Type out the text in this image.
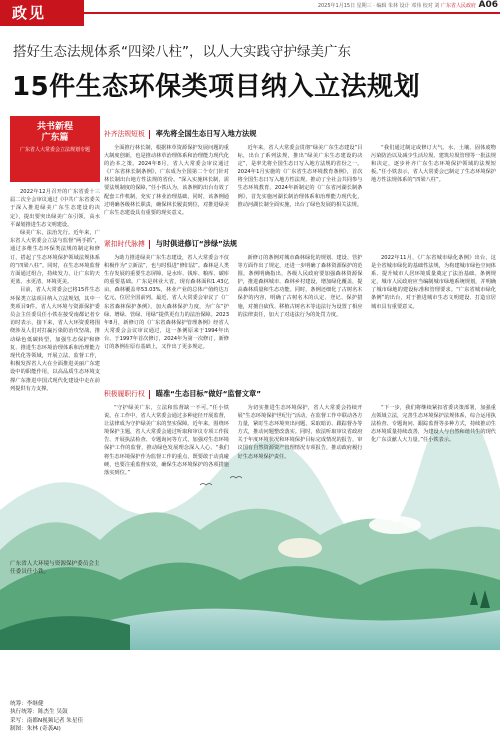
政见	2025年1月15日 星期三 · 编辑 朱林 设计 邓伟 校对 刘 广东省人民政府 A06
搭好生态法规体系“四梁八柱”，以人大实践守护绿美广东
15件生态环保类项目纳入立法规划
共书新程
广东篇
广东省人大常委会立法规划专题

2022年12月召开的广东省委十三届二次全会审议通过《中共广东省委关于深入推进绿美广东生态建设的决定》，提出要突出绿美广东引领，高水平谋划推进生态文明建设。

绿美广东，法治先行。近年来，广东省人大常委会立法与监督“两手抓”，通过多维生态环保类法规的制定和修订，搭起了生态环境保护领域法规体系的“四梁八柱”。同时，在生态环境监督方面通过组合，持续发力，让广东的天更蓝、水更清、环境更美。

目前，省人大常委会已将15件生态环保类立法项目纳入立法规划，其中一类项目9件。省人大环境与资源保护委员会主任委员任小铁在接受南都记者专访时表示，接下来，省人大环资委将围绕涉及人们对打赢污染防治攻坚战，推动绿色低碳转型，加强生态保护和修复、推进生态环境治理体系和治理能力现代化等领域，开展立法、监督工作，积极发挥省人大在全面推进美丽广东建设中的职能作用，以高品质生态环境支撑广东推进中国式现代化建设中走在前列提供有力支撑。

补齐法规短板	率先将全国生态日写入地方法规

全面推行林长制，根据林草资源保护发展问题的重大制度创新，也是推动林草治理体系和治理能力现代化的治本之策。2024年8月，省人大常委会审议通过《广东省林长制条例》，广东成为全国第二个专门针对林长制出台地方性法规的省份。“深入实施林长制，需要法规制度的保障，”任小铁认为，该条例的出台有效了配套工作机制，充实了林业治理基础，同时，该条例通过明确各级林长职责，确保林长履责到位，对推进绿美广东生态建设具有重要的现实意义。

近年来，省人大常委会贯彻“绿美广东生态建设”目标，出台了系列法规，推出“绿美广东生态建设的决定”，是率先将全国生态日写入地方法规的省份之一。2024年1月实施的《广东省生态环境教育条例》，首次将全国生态日写入地方性法规，推动了全社会共同参与生态环境教育。2024年新制定的《广东省河湖长制条例》，首先实施河湖长制治理体系和治理能力现代化，推动河湖长制全面实施，出台了绿色发展的相关法规。

“我们通过制定或修订大气、水、土壤、固体废物污染防治以及减少生活垃圾、建筑垃圾管理等一批法规和决定，逐步补齐广东生态环境保护领域的法规短板。”任小铁表示，省人大常委会已制定了生态环境保护地方性法规体系的“四梁八柱”。

紧扣时代脉搏	与时俱进修订“涉绿”法规

为助力推进绿美广东生态建设，省人大常委会不仅积极作为“立新法”，也与时俱进“修旧法”。森林是人类生存发展的重要生态屏障，是水库、钱库、粮库、碳库的重要基础。广东是林业大省，现有森林面积1.43亿亩，森林覆盖率53.03%，林业产业的总体产值约达万亿元，位居全国前列。最近，省人大常委会审议了《广东省森林保护条例》，加大森林保护力度，为广东“护绿、增绿、管绿、用绿”提供更有力的法治保障。2023年8月，新修订的《广东省森林保护管理条例》经省人大常委会会议审议通过，这一条例原来于1994年出台，于1997年首次修订，2024年为第一次修订，新修订的条例在原有基础上，又作出了更多规定。

新修订的条例对城市森林绿化的规划、建设、管护等方面作出了规定，还进一步明确了森林资源保护的范围。条例明确指出，各级人民政府要加强森林资源保护，推进森林城市、森林乡村建设，增加绿化覆盖，提高森林质量和生态功能。同时，条例还细化了古树名木保护的内容，明确了古树名木的认定、登记、保护措施，对擅自砍伐、移植古树名木等违法行为设置了相应的法律责任，加大了对违法行为的处罚力度。

2022年11月，《广东省城市绿化条例》出台，这是全省城市绿化的基础性法规，为构建城市绿色空间体系、提升城市人居环境质量奠定了法治基础。条例规定，城市人民政府应当编制城市绿地系统规划，并明确了城市绿地的建设标准和管理要求。“广东省城市绿化条例”的出台，对于推进城市生态文明建设、打造宜居城市具有重要意义。

积极履职行权	瞄准“生态目标”做好“监督文章”

“守护绿美广东，立法和监督缺一不可。”任小铁说。在工作中，省人大常委会通过多种途径开展监督，让法律成为守护绿美广东的坚实保障。近年来，围绕环境保护主题，省人大常委会通过听取和审议专项工作报告、开展执法检查、专题询问等方式，加强对生态环境保护工作的监督，推动绿色发展理念深入人心。“我们将生态环境保护作为监督工作的重点，既要敢于动真碰硬，也要注重监督实效，确保生态环境保护的各项措施落实到位。”

为切实推进生态环境保护，省人大常委会持续开展“生态环境保护世纪行”活动，在监督工作中联动各方力量，紧盯生态环境突出问题，采取暗访、跟踪督办等方式，推动问题整改落实。同时，依法听取审议省政府关于年度环境状况和环境保护目标完成情况的报告，审议国有自然资源资产管理情况专项报告，推动政府履行好生态环境保护责任。

“下一步，我们将继续紧扣省委决策部署，加强重点领域立法，完善生态环境保护法规体系，综合运用执法检查、专题询问、跟踪监督等多种方式，持续推动生态环境质量持续改善，为建设人与自然和谐共生的现代化广东贡献人大力量。”任小铁表示。

广东省人大环境与资源保护委员会主任委员任小铁。
统筹：李继健
执行统筹：陈杰生 吴鼓
采写：南都N视频记者 朱星佳
制图：朱林 (奇袭AI)
